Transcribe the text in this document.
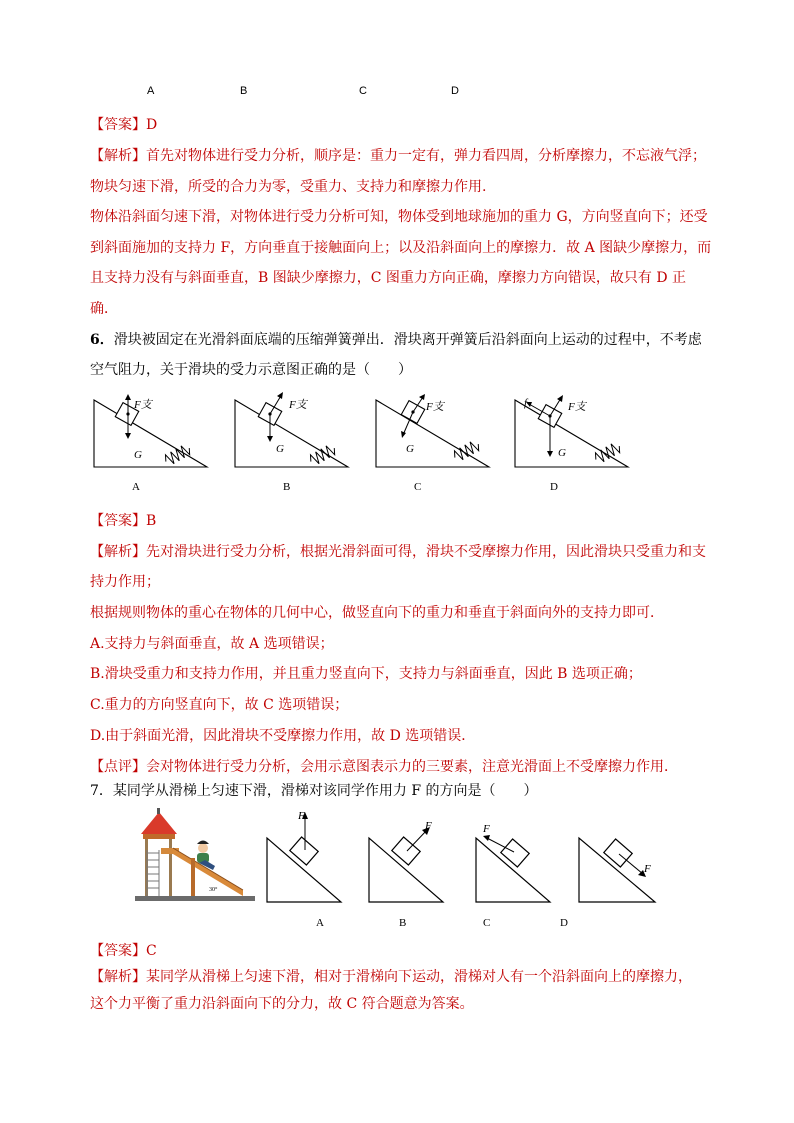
A	B	C	D
【答案】D
【解析】首先对物体进行受力分析，顺序是：重力一定有，弹力看四周，分析摩擦力，不忘液气浮；
物块匀速下滑，所受的合力为零，受重力、支持力和摩擦力作用.
物体沿斜面匀速下滑，对物体进行受力分析可知，物体受到地球施加的重力 G，方向竖直向下；还受
到斜面施加的支持力 F，方向垂直于接触面向上；以及沿斜面向上的摩擦力．故 A 图缺少摩擦力，而
且支持力没有与斜面垂直，B 图缺少摩擦力，C 图重力方向正确，摩擦力方向错误，故只有 D 正
确．
6．滑块被固定在光滑斜面底端的压缩弹簧弹出．滑块离开弹簧后沿斜面向上运动的过程中，不考虑
空气阻力，关于滑块的受力示意图正确的是（　　）
F支
G
A
F支
G
B
F支
G
C
f	F支
G
D
【答案】B
【解析】先对滑块进行受力分析，根据光滑斜面可得，滑块不受摩擦力作用，因此滑块只受重力和支
持力作用；
根据规则物体的重心在物体的几何中心，做竖直向下的重力和垂直于斜面向外的支持力即可．
A.支持力与斜面垂直，故 A 选项错误；
B.滑块受重力和支持力作用，并且重力竖直向下，支持力与斜面垂直，因此 B 选项正确；
C.重力的方向竖直向下，故 C 选项错误；
D.由于斜面光滑，因此滑块不受摩擦力作用，故 D 选项错误．
【点评】会对物体进行受力分析，会用示意图表示力的三要素，注意光滑面上不受摩擦力作用．
7．某同学从滑梯上匀速下滑，滑梯对该同学作用力 F 的方向是（　　）
30°
F
A
F
B
F
C
F
D
【答案】C
【解析】某同学从滑梯上匀速下滑，相对于滑梯向下运动，滑梯对人有一个沿斜面向上的摩擦力，
这个力平衡了重力沿斜面向下的分力，故 C 符合题意为答案。
